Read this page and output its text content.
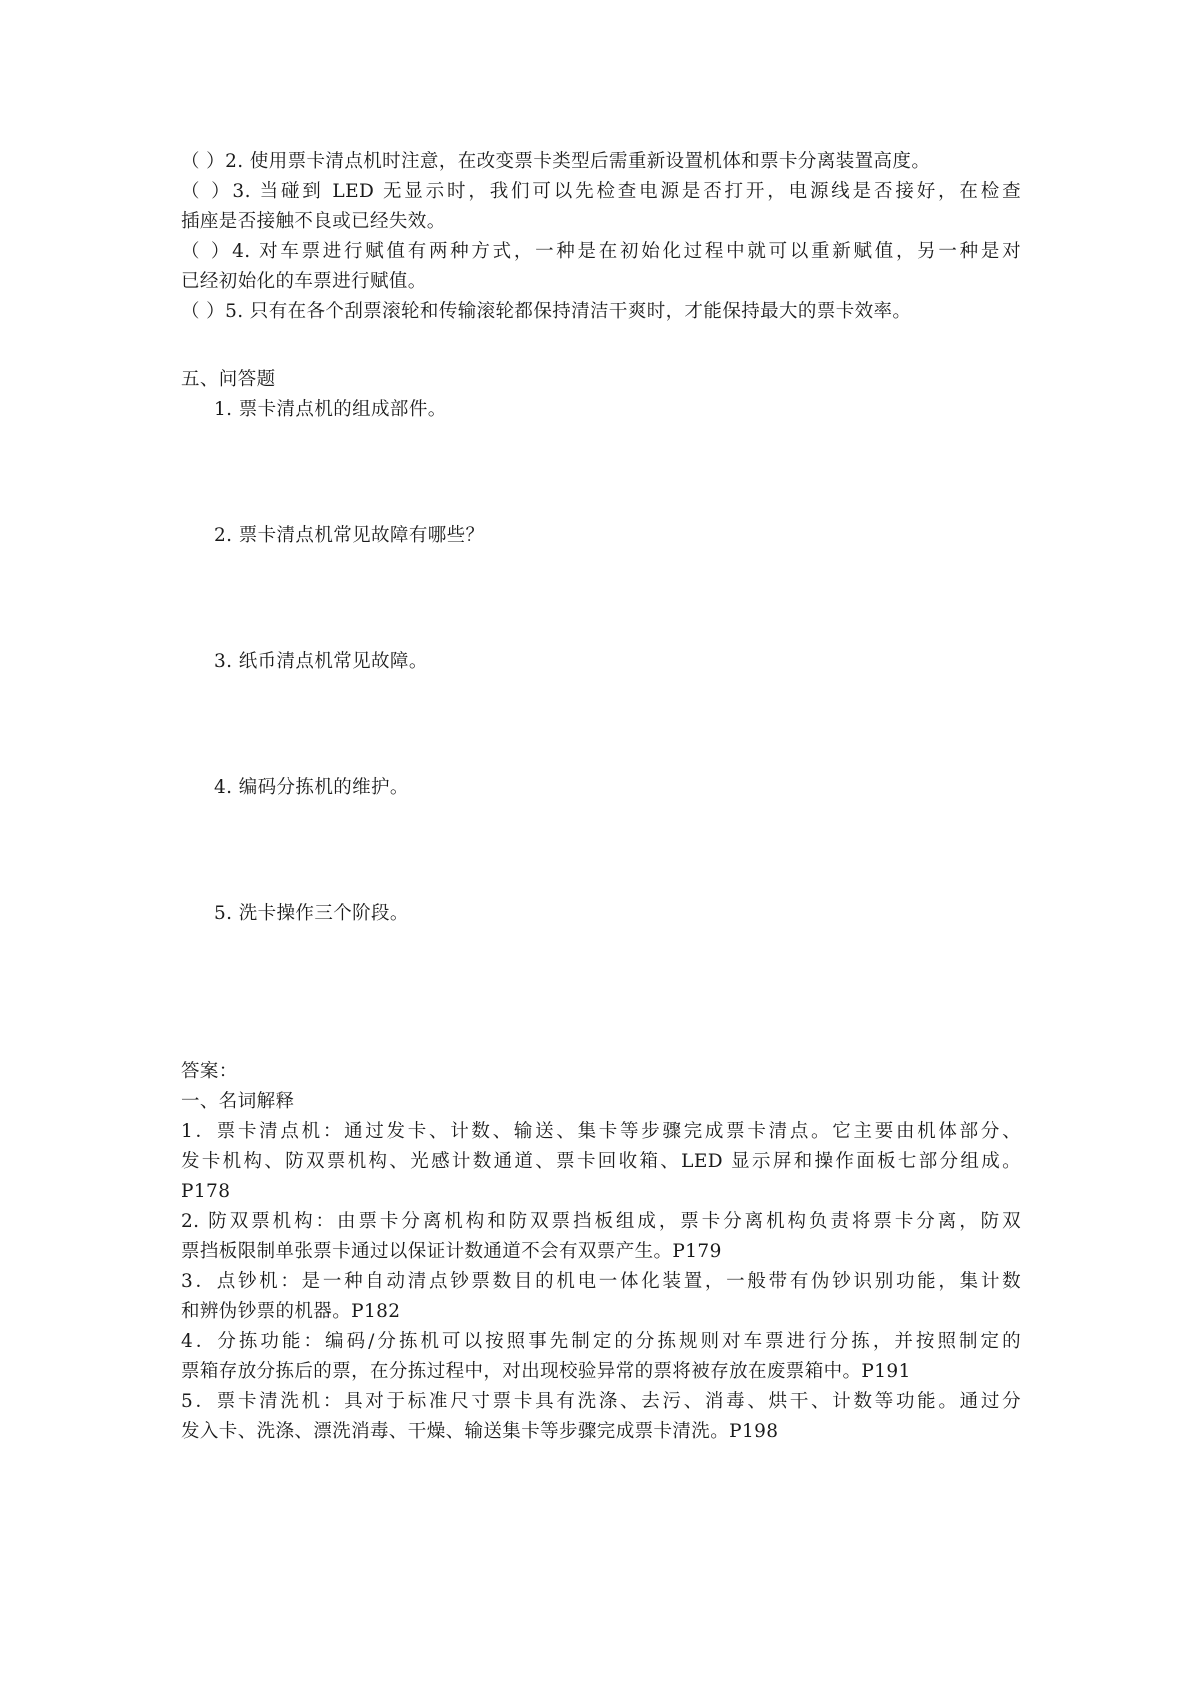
（ ）2. 使用票卡清点机时注意，在改变票卡类型后需重新设置机体和票卡分离装置高度。
（ ）3. 当碰到 LED 无显示时，我们可以先检查电源是否打开，电源线是否接好，在检查
插座是否接触不良或已经失效。
（ ）4. 对车票进行赋值有两种方式，一种是在初始化过程中就可以重新赋值，另一种是对
已经初始化的车票进行赋值。
（ ）5. 只有在各个刮票滚轮和传输滚轮都保持清洁干爽时，才能保持最大的票卡效率。
五、问答题
1. 票卡清点机的组成部件。
2. 票卡清点机常见故障有哪些？
3. 纸币清点机常见故障。
4. 编码分拣机的维护。
5. 洗卡操作三个阶段。
答案：
一、名词解释
1．票卡清点机：通过发卡、计数、输送、集卡等步骤完成票卡清点。它主要由机体部分、
发卡机构、防双票机构、光感计数通道、票卡回收箱、LED 显示屏和操作面板七部分组成。
P178
2. 防双票机构：由票卡分离机构和防双票挡板组成，票卡分离机构负责将票卡分离，防双
票挡板限制单张票卡通过以保证计数通道不会有双票产生。P179
3．点钞机：是一种自动清点钞票数目的机电一体化装置，一般带有伪钞识别功能，集计数
和辨伪钞票的机器。P182
4．分拣功能：编码/分拣机可以按照事先制定的分拣规则对车票进行分拣，并按照制定的
票箱存放分拣后的票，在分拣过程中，对出现校验异常的票将被存放在废票箱中。P191
5．票卡清洗机：具对于标准尺寸票卡具有洗涤、去污、消毒、烘干、计数等功能。通过分
发入卡、洗涤、漂洗消毒、干燥、输送集卡等步骤完成票卡清洗。P198
